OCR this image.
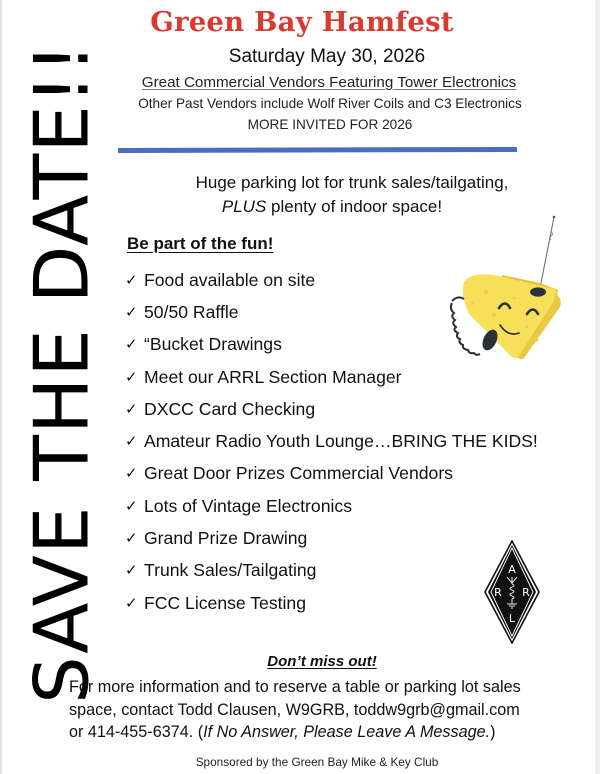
Green Bay Hamfest
Saturday May 30, 2026
Great Commercial Vendors Featuring Tower Electronics
Other Past Vendors include Wolf River Coils and C3 Electronics
MORE INVITED FOR 2026
SAVE THE DATE!!	Huge parking lot for trunk sales/tailgating,
PLUS plenty of indoor space!
Be part of the fun!
✓ Food available on site
✓ 50/50 Raffle
✓ “Bucket Drawings
✓ Meet our ARRL Section Manager
✓ DXCC Card Checking
✓ Amateur Radio Youth Lounge…BRING THE KIDS!
✓ Great Door Prizes Commercial Vendors
✓ Lots of Vintage Electronics
✓ Grand Prize Drawing
✓ Trunk Sales/Tailgating
✓ FCC License Testing
A
R R
L
Don’t miss out!
For more information and to reserve a table or parking lot sales
space, contact Todd Clausen, W9GRB, toddw9grb@gmail.com
or 414-455-6374. (If No Answer, Please Leave A Message.)
Sponsored by the Green Bay Mike & Key Club
